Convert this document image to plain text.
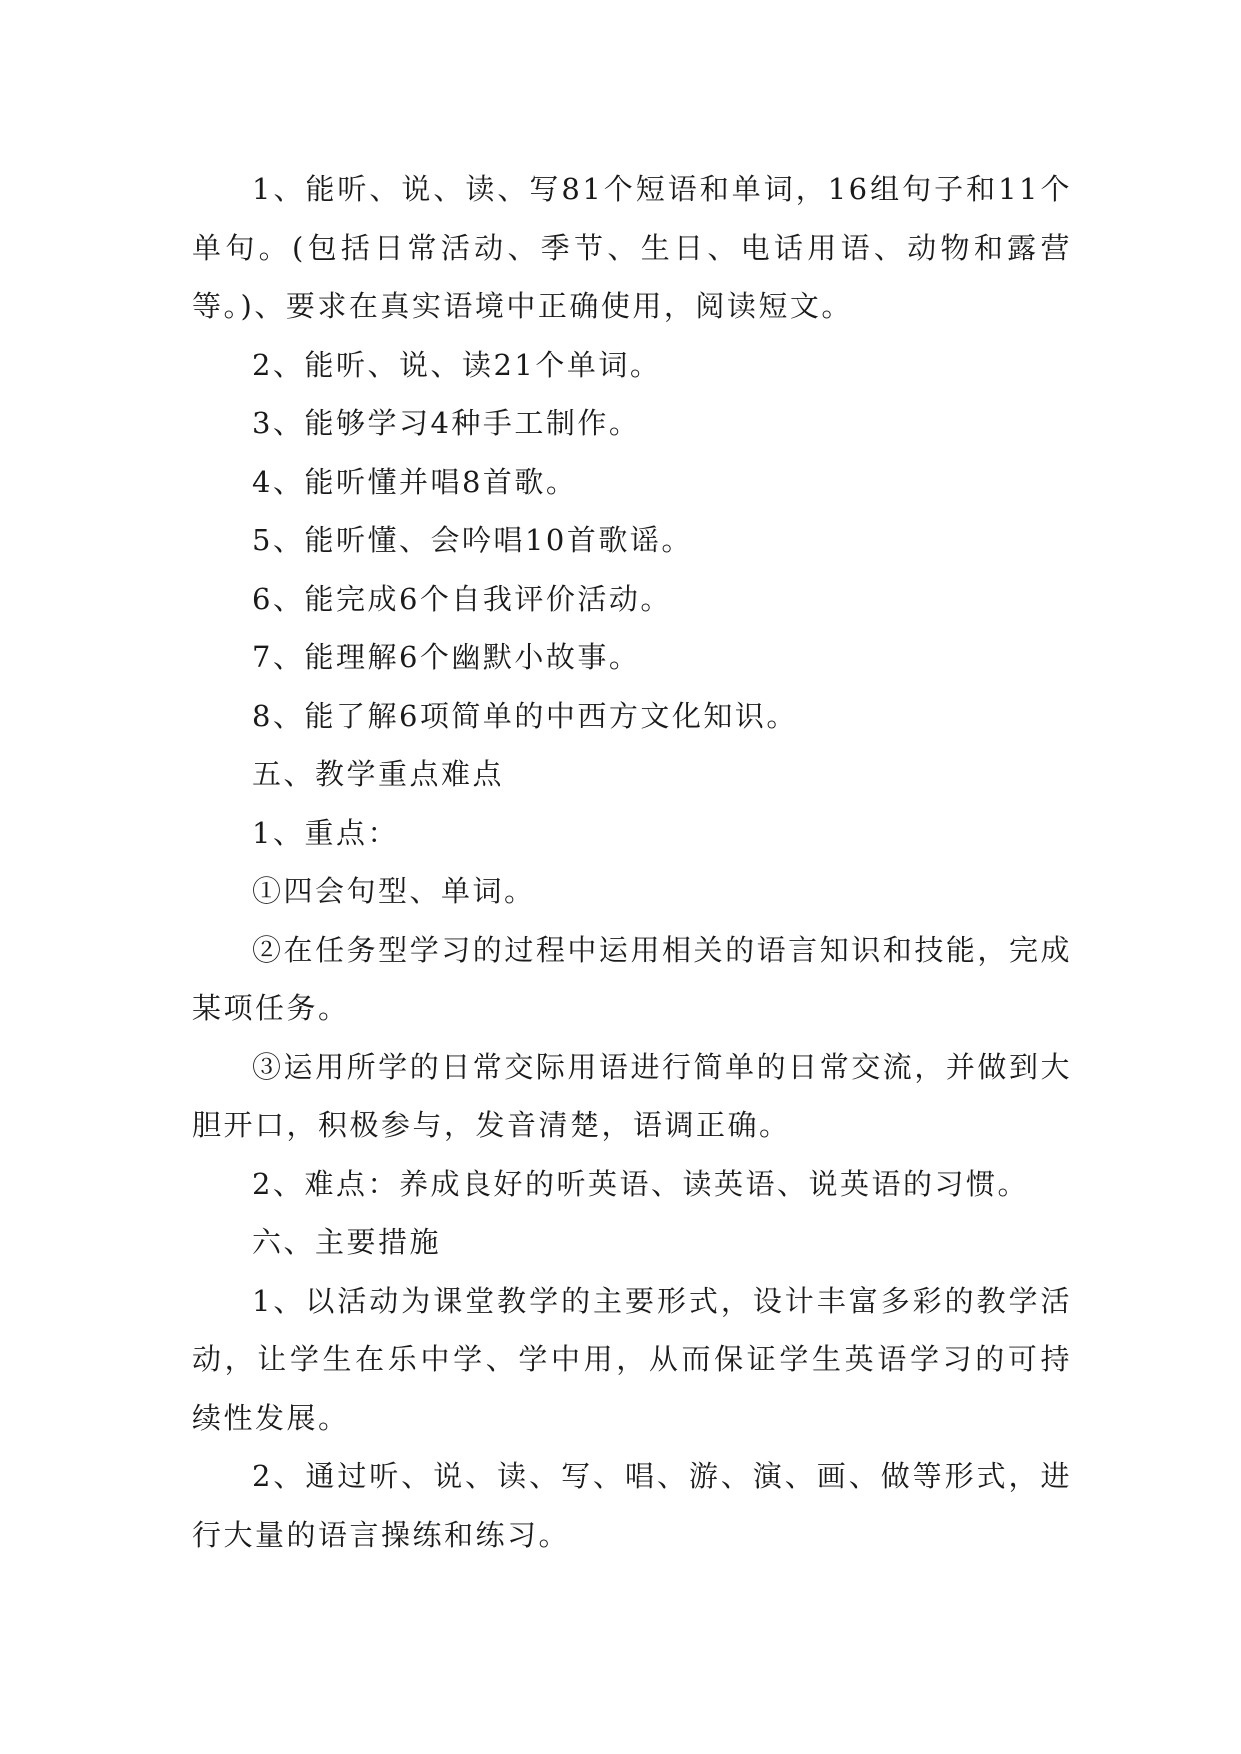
1、能听、说、读、写81个短语和单词，16组句子和11个单句。(包括日常活动、季节、生日、电话用语、动物和露营等。)、要求在真实语境中正确使用，阅读短文。

2、能听、说、读21个单词。

3、能够学习4种手工制作。

4、能听懂并唱8首歌。

5、能听懂、会吟唱10首歌谣。

6、能完成6个自我评价活动。

7、能理解6个幽默小故事。

8、能了解6项简单的中西方文化知识。

五、教学重点难点

1、重点：

①四会句型、单词。

②在任务型学习的过程中运用相关的语言知识和技能，完成某项任务。

③运用所学的日常交际用语进行简单的日常交流，并做到大胆开口，积极参与，发音清楚，语调正确。

2、难点：养成良好的听英语、读英语、说英语的习惯。

六、主要措施

1、以活动为课堂教学的主要形式，设计丰富多彩的教学活动，让学生在乐中学、学中用，从而保证学生英语学习的可持续性发展。

2、通过听、说、读、写、唱、游、演、画、做等形式，进行大量的语言操练和练习。
